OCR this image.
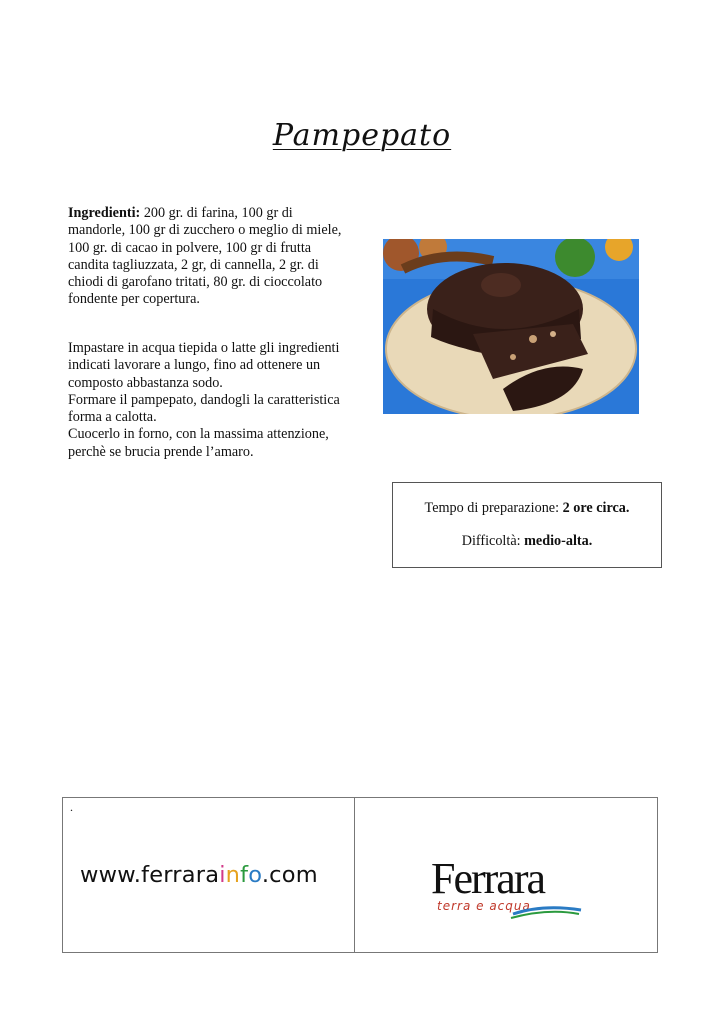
Pampepato
Ingredienti: 200 gr. di farina, 100 gr di mandorle, 100 gr di zucchero o meglio di miele, 100 gr. di cacao in polvere, 100 gr di frutta candita tagliuzzata, 2 gr, di cannella, 2 gr. di chiodi di garofano tritati, 80 gr. di cioccolato fondente per copertura.
Impastare in acqua tiepida o latte gli ingredienti indicati lavorare a lungo, fino ad ottenere un composto abbastanza sodo.
Formare il pampepato, dandogli la caratteristica forma a calotta.
Cuocerlo in forno, con la massima attenzione, perchè se brucia prende l’amaro.
Tempo di preparazione: 2 ore circa.
Difficoltà: medio-alta.
.
www.ferrarainfo.com	Ferrara
terra e acqua
